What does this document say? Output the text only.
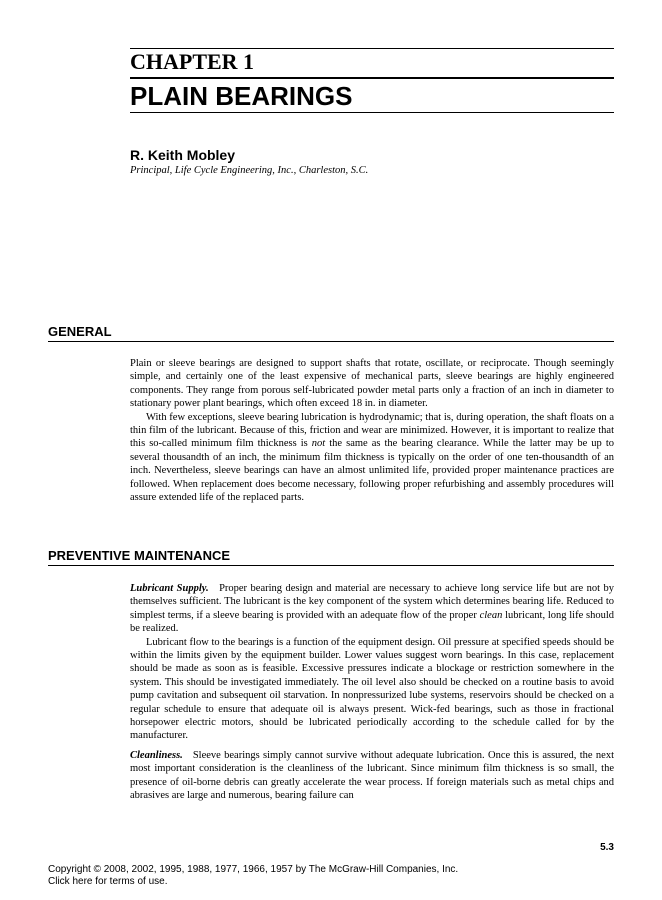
CHAPTER 1
PLAIN BEARINGS
R. Keith Mobley
Principal, Life Cycle Engineering, Inc., Charleston, S.C.
GENERAL

Plain or sleeve bearings are designed to support shafts that rotate, oscillate, or reciprocate. Though seemingly simple, and certainly one of the least expensive of mechanical parts, sleeve bearings are highly engineered components. They range from porous self-lubricated powder metal parts only a fraction of an inch in diameter to stationary power plant bearings, which often exceed 18 in. in diameter.

With few exceptions, sleeve bearing lubrication is hydrodynamic; that is, during operation, the shaft floats on a thin film of the lubricant. Because of this, friction and wear are minimized. However, it is important to realize that this so-called minimum film thickness is not the same as the bearing clearance. While the latter may be up to several thousandth of an inch, the minimum film thickness is typically on the order of one ten-thousandth of an inch. Nevertheless, sleeve bearings can have an almost unlimited life, provided proper maintenance practices are followed. When replacement does become necessary, following proper refurbishing and assembly procedures will assure extended life of the replaced parts.

PREVENTIVE MAINTENANCE

Lubricant Supply. Proper bearing design and material are necessary to achieve long service life but are not by themselves sufficient. The lubricant is the key component of the system which determines bearing life. Reduced to simplest terms, if a sleeve bearing is provided with an adequate flow of the proper clean lubricant, long life should be realized.

Lubricant flow to the bearings is a function of the equipment design. Oil pressure at specified speeds should be within the limits given by the equipment builder. Lower values suggest worn bearings. In this case, replacement should be made as soon as is feasible. Excessive pressures indicate a blockage or restriction somewhere in the system. This should be investigated immediately. The oil level also should be checked on a routine basis to avoid pump cavitation and subsequent oil starvation. In nonpressurized lube systems, reservoirs should be checked on a regular schedule to ensure that adequate oil is always present. Wick-fed bearings, such as those in fractional horsepower electric motors, should be lubricated periodically according to the schedule called for by the manufacturer.

Cleanliness. Sleeve bearings simply cannot survive without adequate lubrication. Once this is assured, the next most important consideration is the cleanliness of the lubricant. Since minimum film thickness is so small, the presence of oil-borne debris can greatly accelerate the wear process. If foreign materials such as metal chips and abrasives are large and numerous, bearing failure can

5.3
Copyright © 2008, 2002, 1995, 1988, 1977, 1966, 1957 by The McGraw-Hill Companies, Inc.
Click here for terms of use.
